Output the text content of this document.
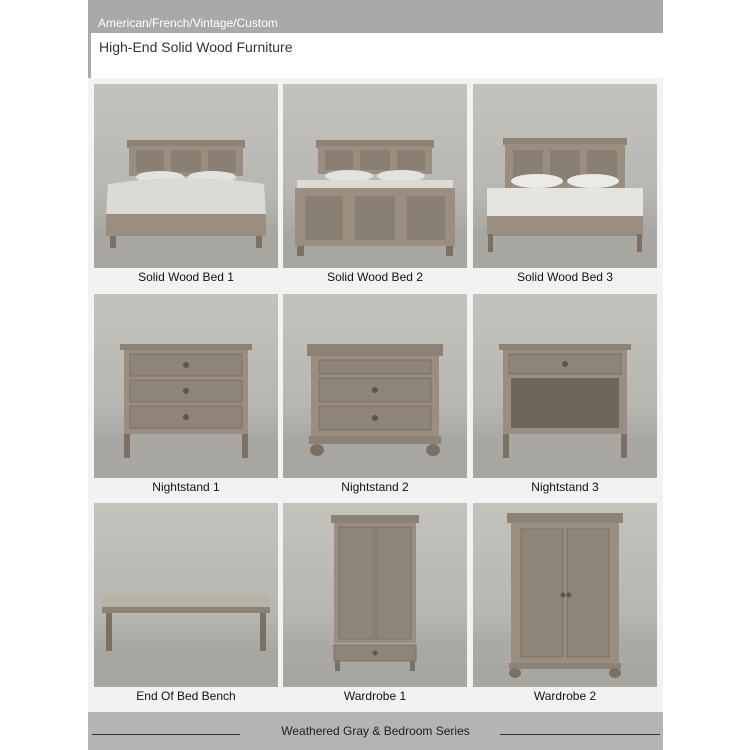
American/French/Vintage/Custom
High-End Solid Wood Furniture
Solid Wood Bed 1	Solid Wood Bed 2	Solid Wood Bed 3
Nightstand 1	Nightstand 2	Nightstand 3
End Of Bed Bench	Wardrobe 1	Wardrobe 2
Weathered Gray & Bedroom Series
